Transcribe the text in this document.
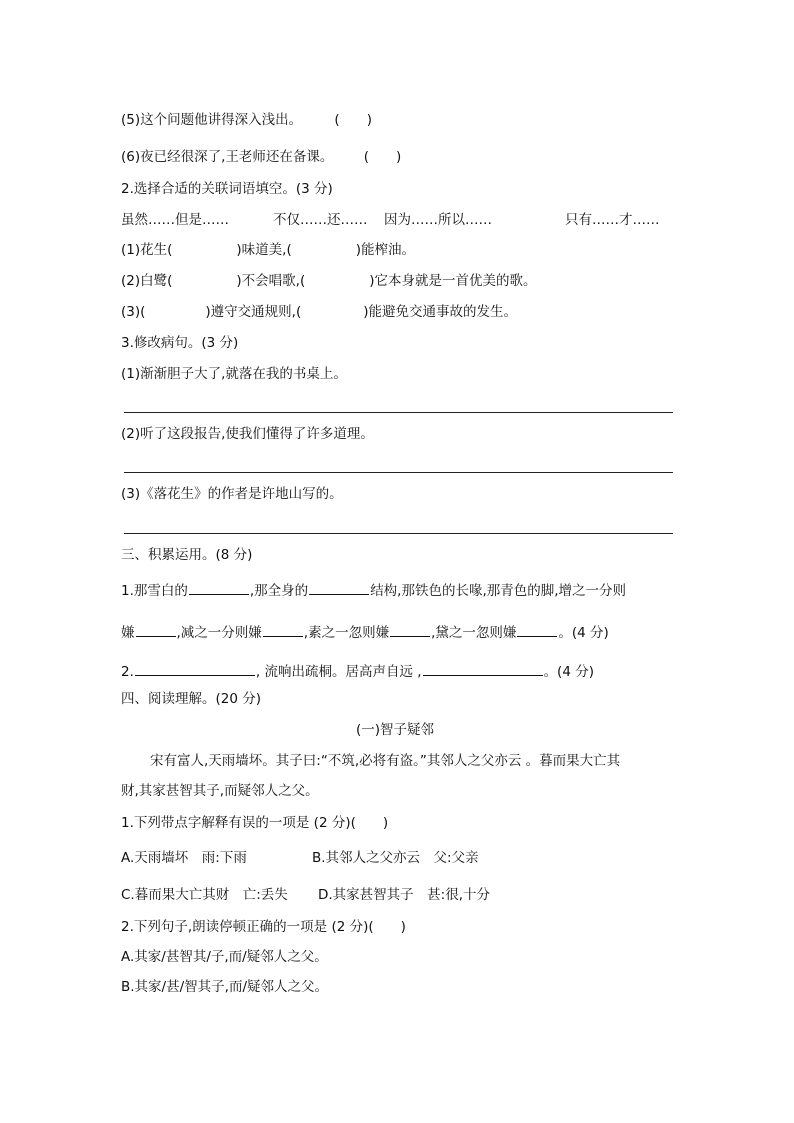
(5)这个问题他讲得深入浅出。 (　　)
(6)夜已经很深了,王老师还在备课。 (　　)
2.选择合适的关联词语填空。(3 分)
虽然……但是……	不仅……还…… 因为……所以……	只有……才……
(1)花生(	)味道美,(	)能榨油。
(2)白鹭(	)不会唱歌,(	)它本身就是一首优美的歌。
(3)(	)遵守交通规则,(	)能避免交通事故的发生。
3.修改病句。(3 分)
(1)渐渐胆子大了,就落在我的书桌上。
(2)听了这段报告,使我们懂得了许多道理。
(3)《落花生》的作者是许地山写的。
三、积累运用。(8 分)
1.那雪白的	,那全身的	结构,那铁色的长喙,那青色的脚,增之一分则
嫌	,减之一分则嫌	,素之一忽则嫌	,黛之一忽则嫌	。(4 分)
2.	, 流响出疏桐。居高声自远 ,	。(4 分)
四、阅读理解。(20 分)
(一)智子疑邻
宋有富人,天雨墙坏。其子曰:“不筑,必将有盗。”其邻人之父亦云 。暮而果大亡其
财,其家甚智其子,而疑邻人之父。
1.下列带点字解释有误的一项是 (2 分)(　　)
A.天雨墙坏　雨:下雨	B.其邻人之父亦云　父:父亲
C.暮而果大亡其财　亡:丢失 D.其家甚智其子　甚:很,十分
2.下列句子,朗读停顿正确的一项是 (2 分)(　　)
A.其家/甚智其/子,而/疑邻人之父。
B.其家/甚/智其子,而/疑邻人之父。
